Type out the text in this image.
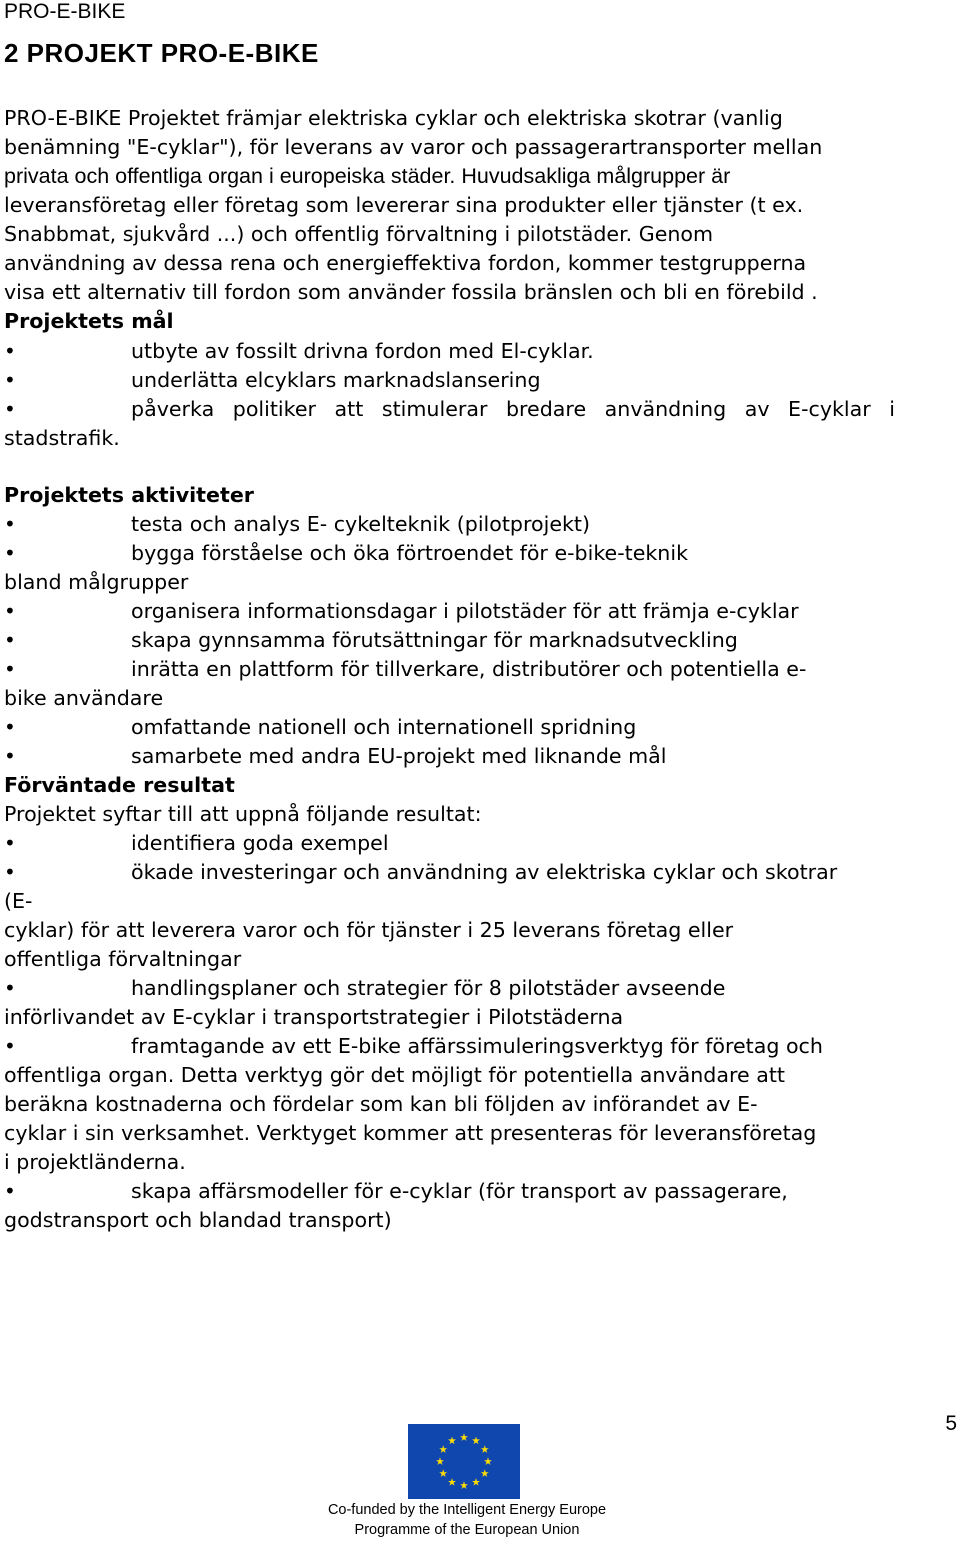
PRO-E-BIKE
2 PROJEKT PRO-E-BIKE
PRO-E-BIKE Projektet främjar elektriska cyklar och elektriska skotrar (vanlig
benämning "E-cyklar"), för leverans av varor och passagerartransporter mellan
privata och offentliga organ i europeiska städer. Huvudsakliga målgrupper är
leveransföretag eller företag som levererar sina produkter eller tjänster (t ex.
Snabbmat, sjukvård ...) och offentlig förvaltning i pilotstäder. Genom
användning av dessa rena och energieffektiva fordon, kommer testgrupperna
visa ett alternativ till fordon som använder fossila bränslen och bli en förebild .
Projektets mål
•	utbyte av fossilt drivna fordon med El-cyklar.
•	underlätta elcyklars marknadslansering
•	påverka politiker att stimulerar bredare användning av E-cyklar i
stadstrafik.
Projektets aktiviteter
•	testa och analys E- cykelteknik (pilotprojekt)
•	bygga förståelse och öka förtroendet för e-bike-teknik
bland målgrupper
•	organisera informationsdagar i pilotstäder för att främja e-cyklar
•	skapa gynnsamma förutsättningar för marknadsutveckling
•	inrätta en plattform för tillverkare, distributörer och potentiella e-
bike användare
•	omfattande nationell och internationell spridning
•	samarbete med andra EU-projekt med liknande mål
Förväntade resultat
Projektet syftar till att uppnå följande resultat:
•	identifiera goda exempel
•	ökade investeringar och användning av elektriska cyklar och skotrar
(E-
cyklar) för att leverera varor och för tjänster i 25 leverans företag eller
offentliga förvaltningar
•	handlingsplaner och strategier för 8 pilotstäder avseende
införlivandet av E-cyklar i transportstrategier i Pilotstäderna
•	framtagande av ett E-bike affärssimuleringsverktyg för företag och
offentliga organ. Detta verktyg gör det möjligt för potentiella användare att
beräkna kostnaderna och fördelar som kan bli följden av införandet av E-
cyklar i sin verksamhet. Verktyget kommer att presenteras för leveransföretag
i projektländerna.
•	skapa affärsmodeller för e-cyklar (för transport av passagerare,
godstransport och blandad transport)
5
Co-funded by the Intelligent Energy Europe
Programme of the European Union
